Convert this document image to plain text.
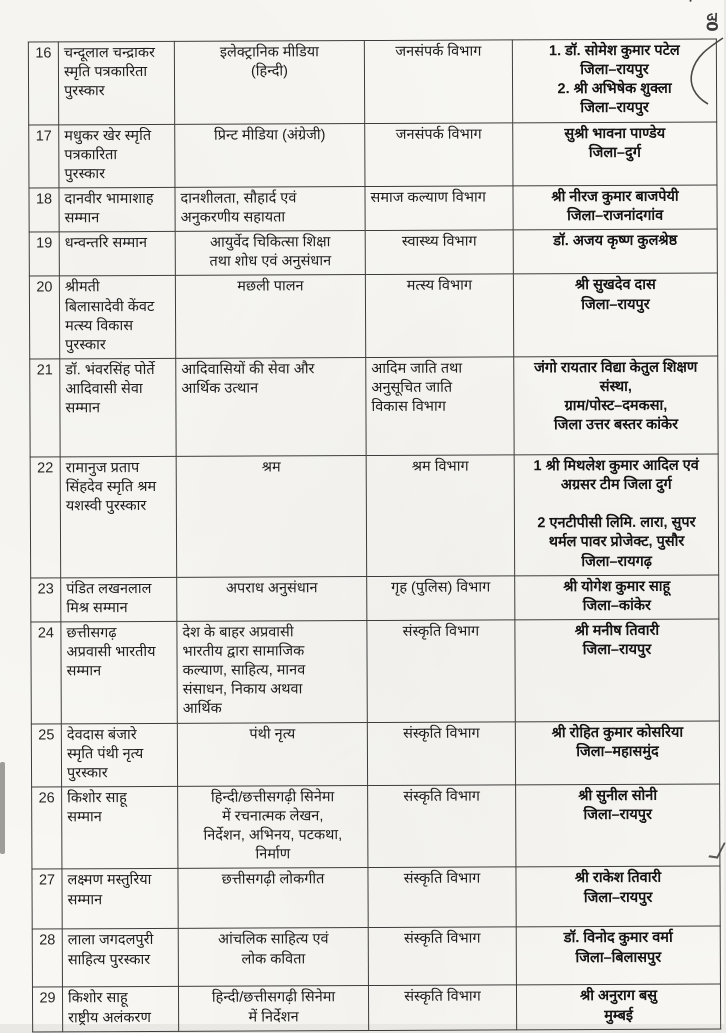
उ0
16	चन्दूलाल चन्द्राकर
स्मृति पत्रकारिता
पुरस्कार	इलेक्ट्रानिक मीडिया
(हिन्दी)	जनसंपर्क विभाग	1. डॉ. सोमेश कुमार पटेल
जिला–रायपुर
2. श्री अभिषेक शुक्ला
जिला–रायपुर
17	मधुकर खेर स्मृति
पत्रकारिता
पुरस्कार	प्रिन्ट मीडिया (अंग्रेजी)	जनसंपर्क विभाग	सुश्री भावना पाण्डेय
जिला–दुर्ग
18	दानवीर भामाशाह
सम्मान	दानशीलता, सौहार्द एवं
अनुकरणीय सहायता	समाज कल्याण विभाग	श्री नीरज कुमार बाजपेयी
जिला–राजनांदगांव
19	धन्वन्तरि सम्मान	आयुर्वेद चिकित्सा शिक्षा
तथा शोध एवं अनुसंधान	स्वास्थ्य विभाग	डॉ. अजय कृष्ण कुलश्रेष्ठ
20	श्रीमती
बिलासादेवी केंवट
मत्स्य विकास
पुरस्कार	मछली पालन	मत्स्य विभाग	श्री सुखदेव दास
जिला–रायपुर
21	डॉ. भंवरसिंह पोर्ते
आदिवासी सेवा
सम्मान	आदिवासियों की सेवा और
आर्थिक उत्थान	आदिम जाति तथा
अनुसूचित जाति
विकास विभाग	जंगो रायतार विद्या केतुल शिक्षण
संस्था,
ग्राम/पोस्ट–दमकसा,
जिला उत्तर बस्तर कांकेर
22	रामानुज प्रताप
सिंहदेव स्मृति श्रम
यशस्वी पुरस्कार	श्रम	श्रम विभाग	1 श्री मिथलेश कुमार आदिल एवं
अग्रसर टीम जिला दुर्ग

2 एनटीपीसी लिमि. लारा, सुपर
थर्मल पावर प्रोजेक्ट, पुसौर
जिला–रायगढ़
23	पंडित लखनलाल
मिश्र सम्मान	अपराध अनुसंधान	गृह (पुलिस) विभाग	श्री योगेश कुमार साहू
जिला–कांकेर
24	छत्तीसगढ़
अप्रवासी भारतीय
सम्मान	देश के बाहर अप्रवासी
भारतीय द्वारा सामाजिक
कल्याण, साहित्य, मानव
संसाधन, निकाय अथवा
आर्थिक	संस्कृति विभाग	श्री मनीष तिवारी
जिला–रायपुर
25	देवदास बंजारे
स्मृति पंथी नृत्य
पुरस्कार	पंथी नृत्य	संस्कृति विभाग	श्री रोहित कुमार कोसरिया
जिला–महासमुंद
26	किशोर साहू
सम्मान	हिन्दी/छत्तीसगढ़ी सिनेमा
में रचनात्मक लेखन,
निर्देशन, अभिनय, पटकथा,
निर्माण	संस्कृति विभाग	श्री सुनील सोनी
जिला–रायपुर
27	लक्ष्मण मस्तुरिया
सम्मान	छत्तीसगढ़ी लोकगीत	संस्कृति विभाग	श्री राकेश तिवारी
जिला–रायपुर
28	लाला जगदलपुरी
साहित्य पुरस्कार	आंचलिक साहित्य एवं
लोक कविता	संस्कृति विभाग	डॉ. विनोद कुमार वर्मा
जिला–बिलासपुर
29	किशोर साहू
राष्ट्रीय अलंकरण	हिन्दी/छत्तीसगढ़ी सिनेमा
में निर्देशन	संस्कृति विभाग	श्री अनुराग बसु
मुम्बई
